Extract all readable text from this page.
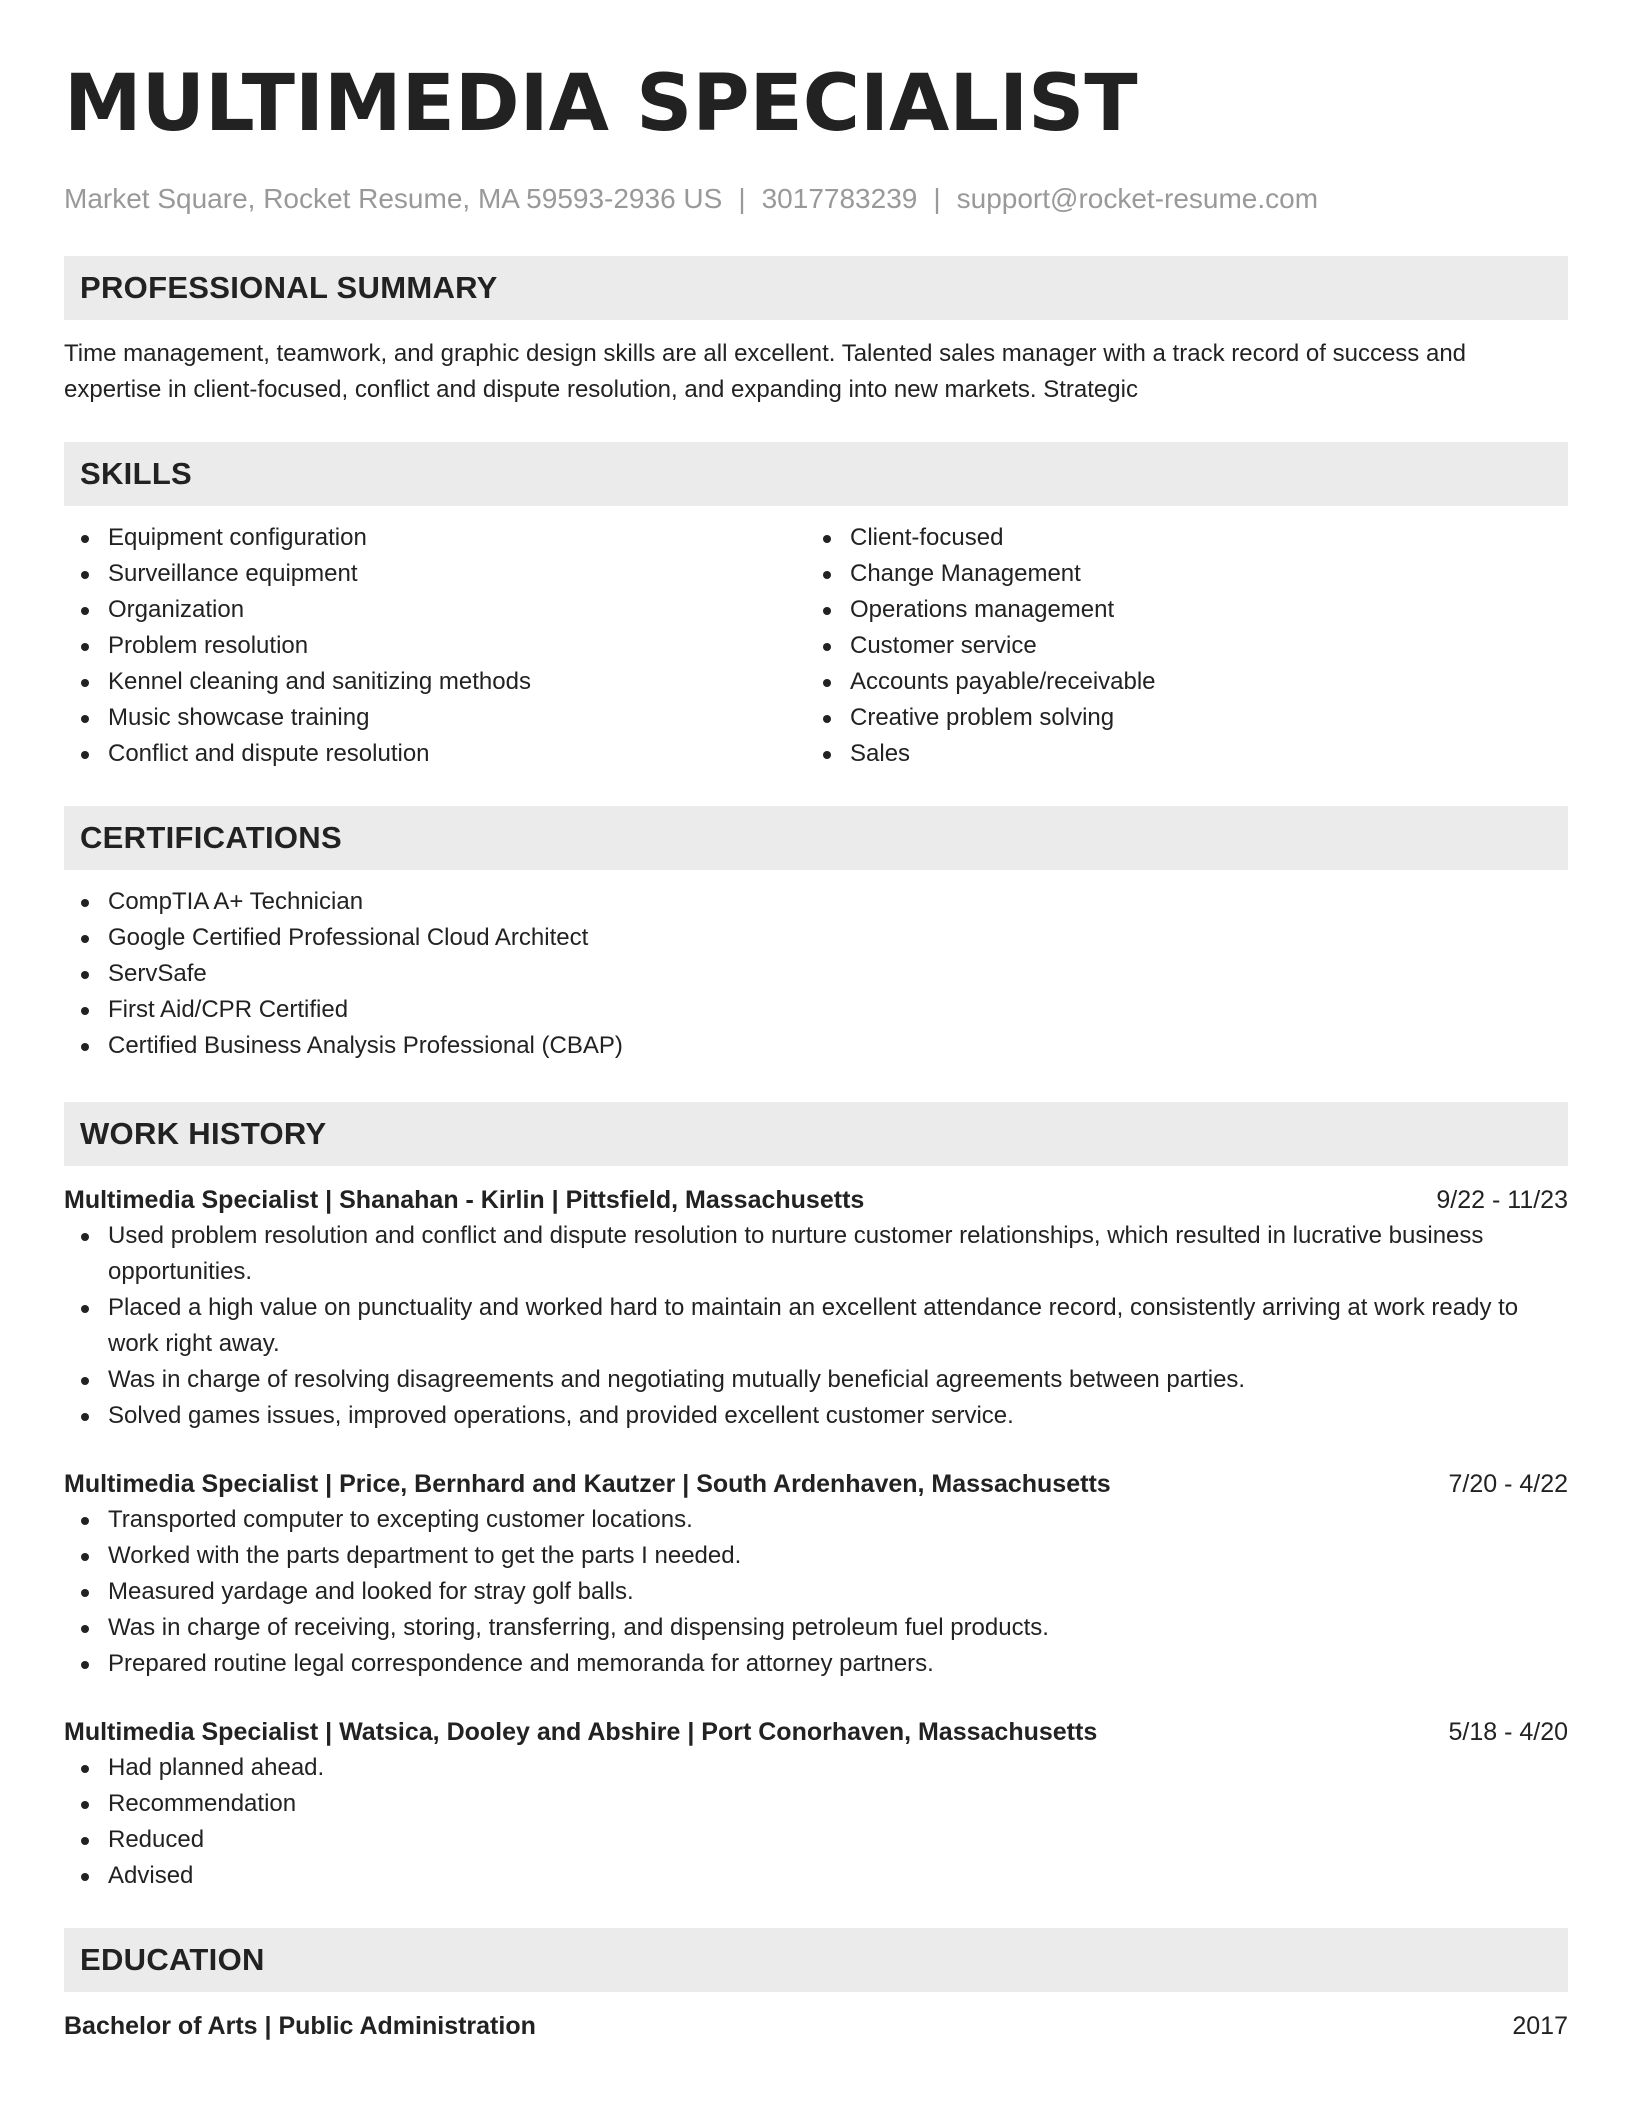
MULTIMEDIA SPECIALIST
Market Square, Rocket Resume, MA 59593-2936 US | 3017783239 | support@rocket-resume.com
PROFESSIONAL SUMMARY
Time management, teamwork, and graphic design skills are all excellent. Talented sales manager with a track record of success and expertise in client-focused, conflict and dispute resolution, and expanding into new markets. Strategic
SKILLS
Equipment configuration
Surveillance equipment
Organization
Problem resolution
Kennel cleaning and sanitizing methods
Music showcase training
Conflict and dispute resolution
Client-focused
Change Management
Operations management
Customer service
Accounts payable/receivable
Creative problem solving
Sales
CERTIFICATIONS
CompTIA A+ Technician
Google Certified Professional Cloud Architect
ServSafe
First Aid/CPR Certified
Certified Business Analysis Professional (CBAP)
WORK HISTORY
Multimedia Specialist | Shanahan - Kirlin | Pittsfield, Massachusetts	9/22 - 11/23
Used problem resolution and conflict and dispute resolution to nurture customer relationships, which resulted in lucrative business opportunities.
Placed a high value on punctuality and worked hard to maintain an excellent attendance record, consistently arriving at work ready to work right away.
Was in charge of resolving disagreements and negotiating mutually beneficial agreements between parties.
Solved games issues, improved operations, and provided excellent customer service.
Multimedia Specialist | Price, Bernhard and Kautzer | South Ardenhaven, Massachusetts	7/20 - 4/22
Transported computer to excepting customer locations.
Worked with the parts department to get the parts I needed.
Measured yardage and looked for stray golf balls.
Was in charge of receiving, storing, transferring, and dispensing petroleum fuel products.
Prepared routine legal correspondence and memoranda for attorney partners.
Multimedia Specialist | Watsica, Dooley and Abshire | Port Conorhaven, Massachusetts	5/18 - 4/20
Had planned ahead.
Recommendation
Reduced
Advised
EDUCATION
Bachelor of Arts | Public Administration	2017
